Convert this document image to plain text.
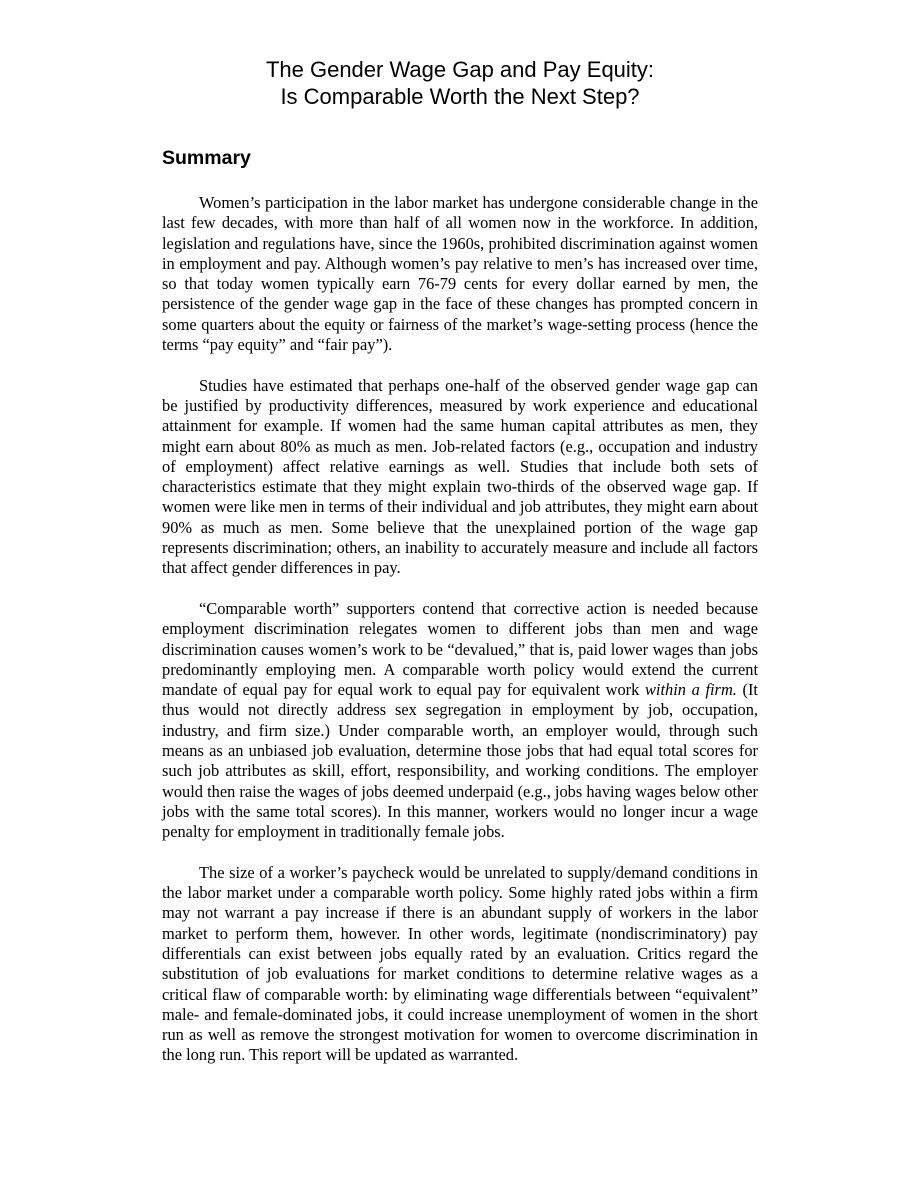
The Gender Wage Gap and Pay Equity:
Is Comparable Worth the Next Step?
Summary

Women’s participation in the labor market has undergone considerable change in the last few decades, with more than half of all women now in the workforce. In addition, legislation and regulations have, since the 1960s, prohibited discrimination against women in employment and pay. Although women’s pay relative to men’s has increased over time, so that today women typically earn 76-79 cents for every dollar earned by men, the persistence of the gender wage gap in the face of these changes has prompted concern in some quarters about the equity or fairness of the market’s wage-setting process (hence the terms “pay equity” and “fair pay”).

Studies have estimated that perhaps one-half of the observed gender wage gap can be justified by productivity differences, measured by work experience and educational attainment for example. If women had the same human capital attributes as men, they might earn about 80% as much as men. Job-related factors (e.g., occupation and industry of employment) affect relative earnings as well. Studies that include both sets of characteristics estimate that they might explain two-thirds of the observed wage gap. If women were like men in terms of their individual and job attributes, they might earn about 90% as much as men. Some believe that the unexplained portion of the wage gap represents discrimination; others, an inability to accurately measure and include all factors that affect gender differences in pay.

“Comparable worth” supporters contend that corrective action is needed because employment discrimination relegates women to different jobs than men and wage discrimination causes women’s work to be “devalued,” that is, paid lower wages than jobs predominantly employing men. A comparable worth policy would extend the current mandate of equal pay for equal work to equal pay for equivalent work within a firm. (It thus would not directly address sex segregation in employment by job, occupation, industry, and firm size.) Under comparable worth, an employer would, through such means as an unbiased job evaluation, determine those jobs that had equal total scores for such job attributes as skill, effort, responsibility, and working conditions. The employer would then raise the wages of jobs deemed underpaid (e.g., jobs having wages below other jobs with the same total scores). In this manner, workers would no longer incur a wage penalty for employment in traditionally female jobs.

The size of a worker’s paycheck would be unrelated to supply/demand conditions in the labor market under a comparable worth policy. Some highly rated jobs within a firm may not warrant a pay increase if there is an abundant supply of workers in the labor market to perform them, however. In other words, legitimate (nondiscriminatory) pay differentials can exist between jobs equally rated by an evaluation. Critics regard the substitution of job evaluations for market conditions to determine relative wages as a critical flaw of comparable worth: by eliminating wage differentials between “equivalent” male- and female-dominated jobs, it could increase unemployment of women in the short run as well as remove the strongest motivation for women to overcome discrimination in the long run. This report will be updated as warranted.
